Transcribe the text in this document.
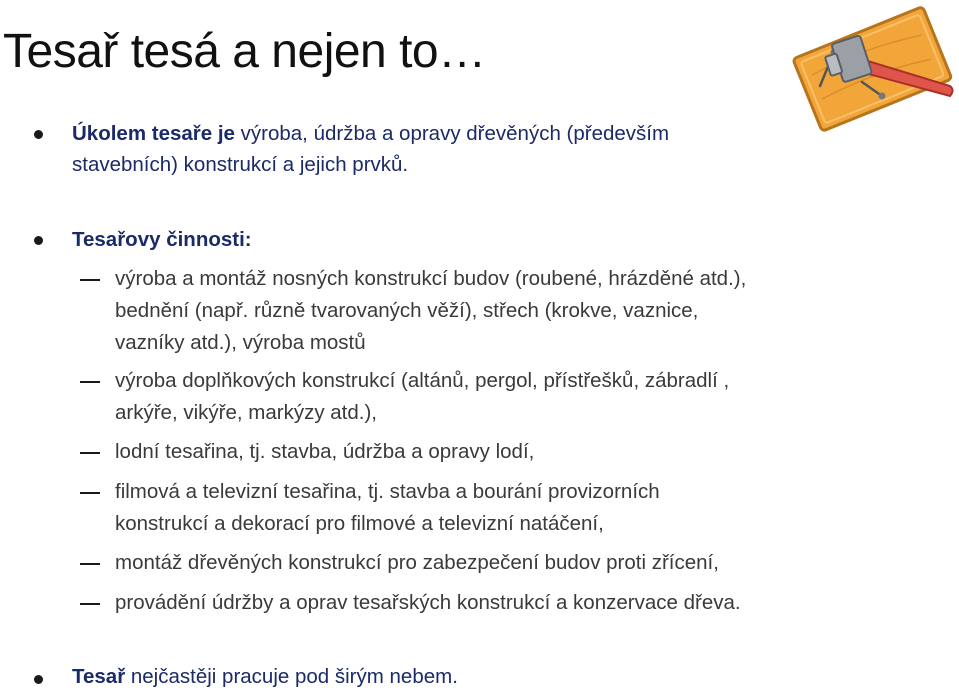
Tesař tesá a nejen to…
Úkolem tesaře je výroba, údržba a opravy dřevěných (především
stavebních) konstrukcí a jejich prvků.
Tesařovy činnosti:
výroba a montáž nosných konstrukcí budov (roubené, hrázděné atd.),
bednění (např. různě tvarovaných věží), střech (krokve, vaznice,
vazníky atd.), výroba mostů
výroba doplňkových konstrukcí (altánů, pergol, přístřešků, zábradlí ,
arkýře, vikýře, markýzy atd.),
lodní tesařina, tj. stavba, údržba a opravy lodí,
filmová a televizní tesařina, tj. stavba a bourání provizorních
konstrukcí a dekorací pro filmové a televizní natáčení,
montáž dřevěných konstrukcí pro zabezpečení budov proti zřícení,
provádění údržby a oprav tesařských konstrukcí a konzervace dřeva.
Tesař nejčastěji pracuje pod širým nebem.
